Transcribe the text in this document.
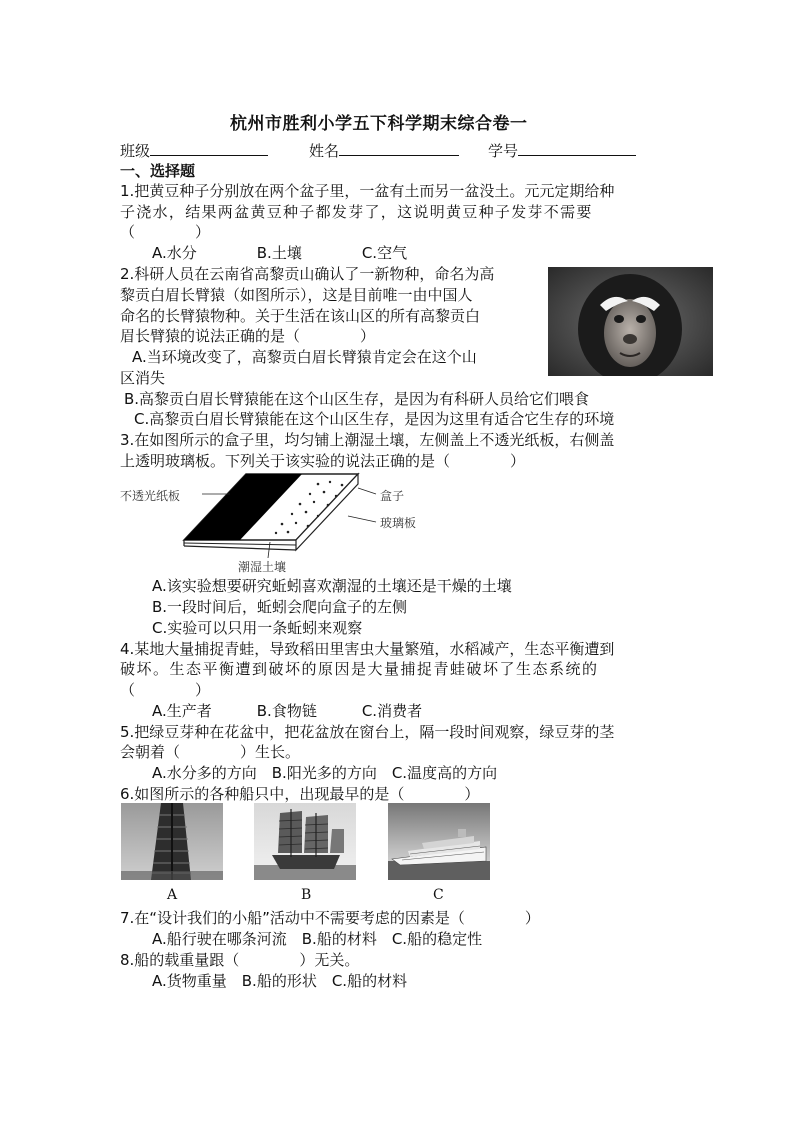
杭州市胜利小学五下科学期末综合卷一
班级	姓名	学号
一、选择题
1.把黄豆种子分别放在两个盆子里，一盆有土而另一盆没土。元元定期给种
子浇水，结果两盆黄豆种子都发芽了，这说明黄豆种子发芽不需要
（　　　　）
A.水分　　　　B.土壤　　　　C.空气
2.科研人员在云南省高黎贡山确认了一新物种，命名为高
黎贡白眉长臂猿（如图所示），这是目前唯一由中国人
命名的长臂猿物种。关于生活在该山区的所有高黎贡白
眉长臂猿的说法正确的是（　　　　）
A.当环境改变了，高黎贡白眉长臂猿肯定会在这个山
区消失
B.高黎贡白眉长臂猿能在这个山区生存，是因为有科研人员给它们喂食
C.高黎贡白眉长臂猿能在这个山区生存，是因为这里有适合它生存的环境
3.在如图所示的盒子里，均匀铺上潮湿土壤，左侧盖上不透光纸板，右侧盖
上透明玻璃板。下列关于该实验的说法正确的是（　　　　）
不透光纸板	盒子
玻璃板
潮湿土壤
A.该实验想要研究蚯蚓喜欢潮湿的土壤还是干燥的土壤
B.一段时间后，蚯蚓会爬向盒子的左侧
C.实验可以只用一条蚯蚓来观察
4.某地大量捕捉青蛙，导致稻田里害虫大量繁殖，水稻减产，生态平衡遭到
破坏。生态平衡遭到破坏的原因是大量捕捉青蛙破坏了生态系统的
（　　　　）
A.生产者　　　B.食物链　　　C.消费者
5.把绿豆芽种在花盆中，把花盆放在窗台上，隔一段时间观察，绿豆芽的茎
会朝着（　　　　）生长。
A.水分多的方向　B.阳光多的方向　C.温度高的方向
6.如图所示的各种船只中，出现最早的是（　　　　）
A	B	C
7.在“设计我们的小船”活动中不需要考虑的因素是（　　　　）
A.船行驶在哪条河流　B.船的材料　C.船的稳定性
8.船的载重量跟（　　　　）无关。
A.货物重量　B.船的形状　C.船的材料
